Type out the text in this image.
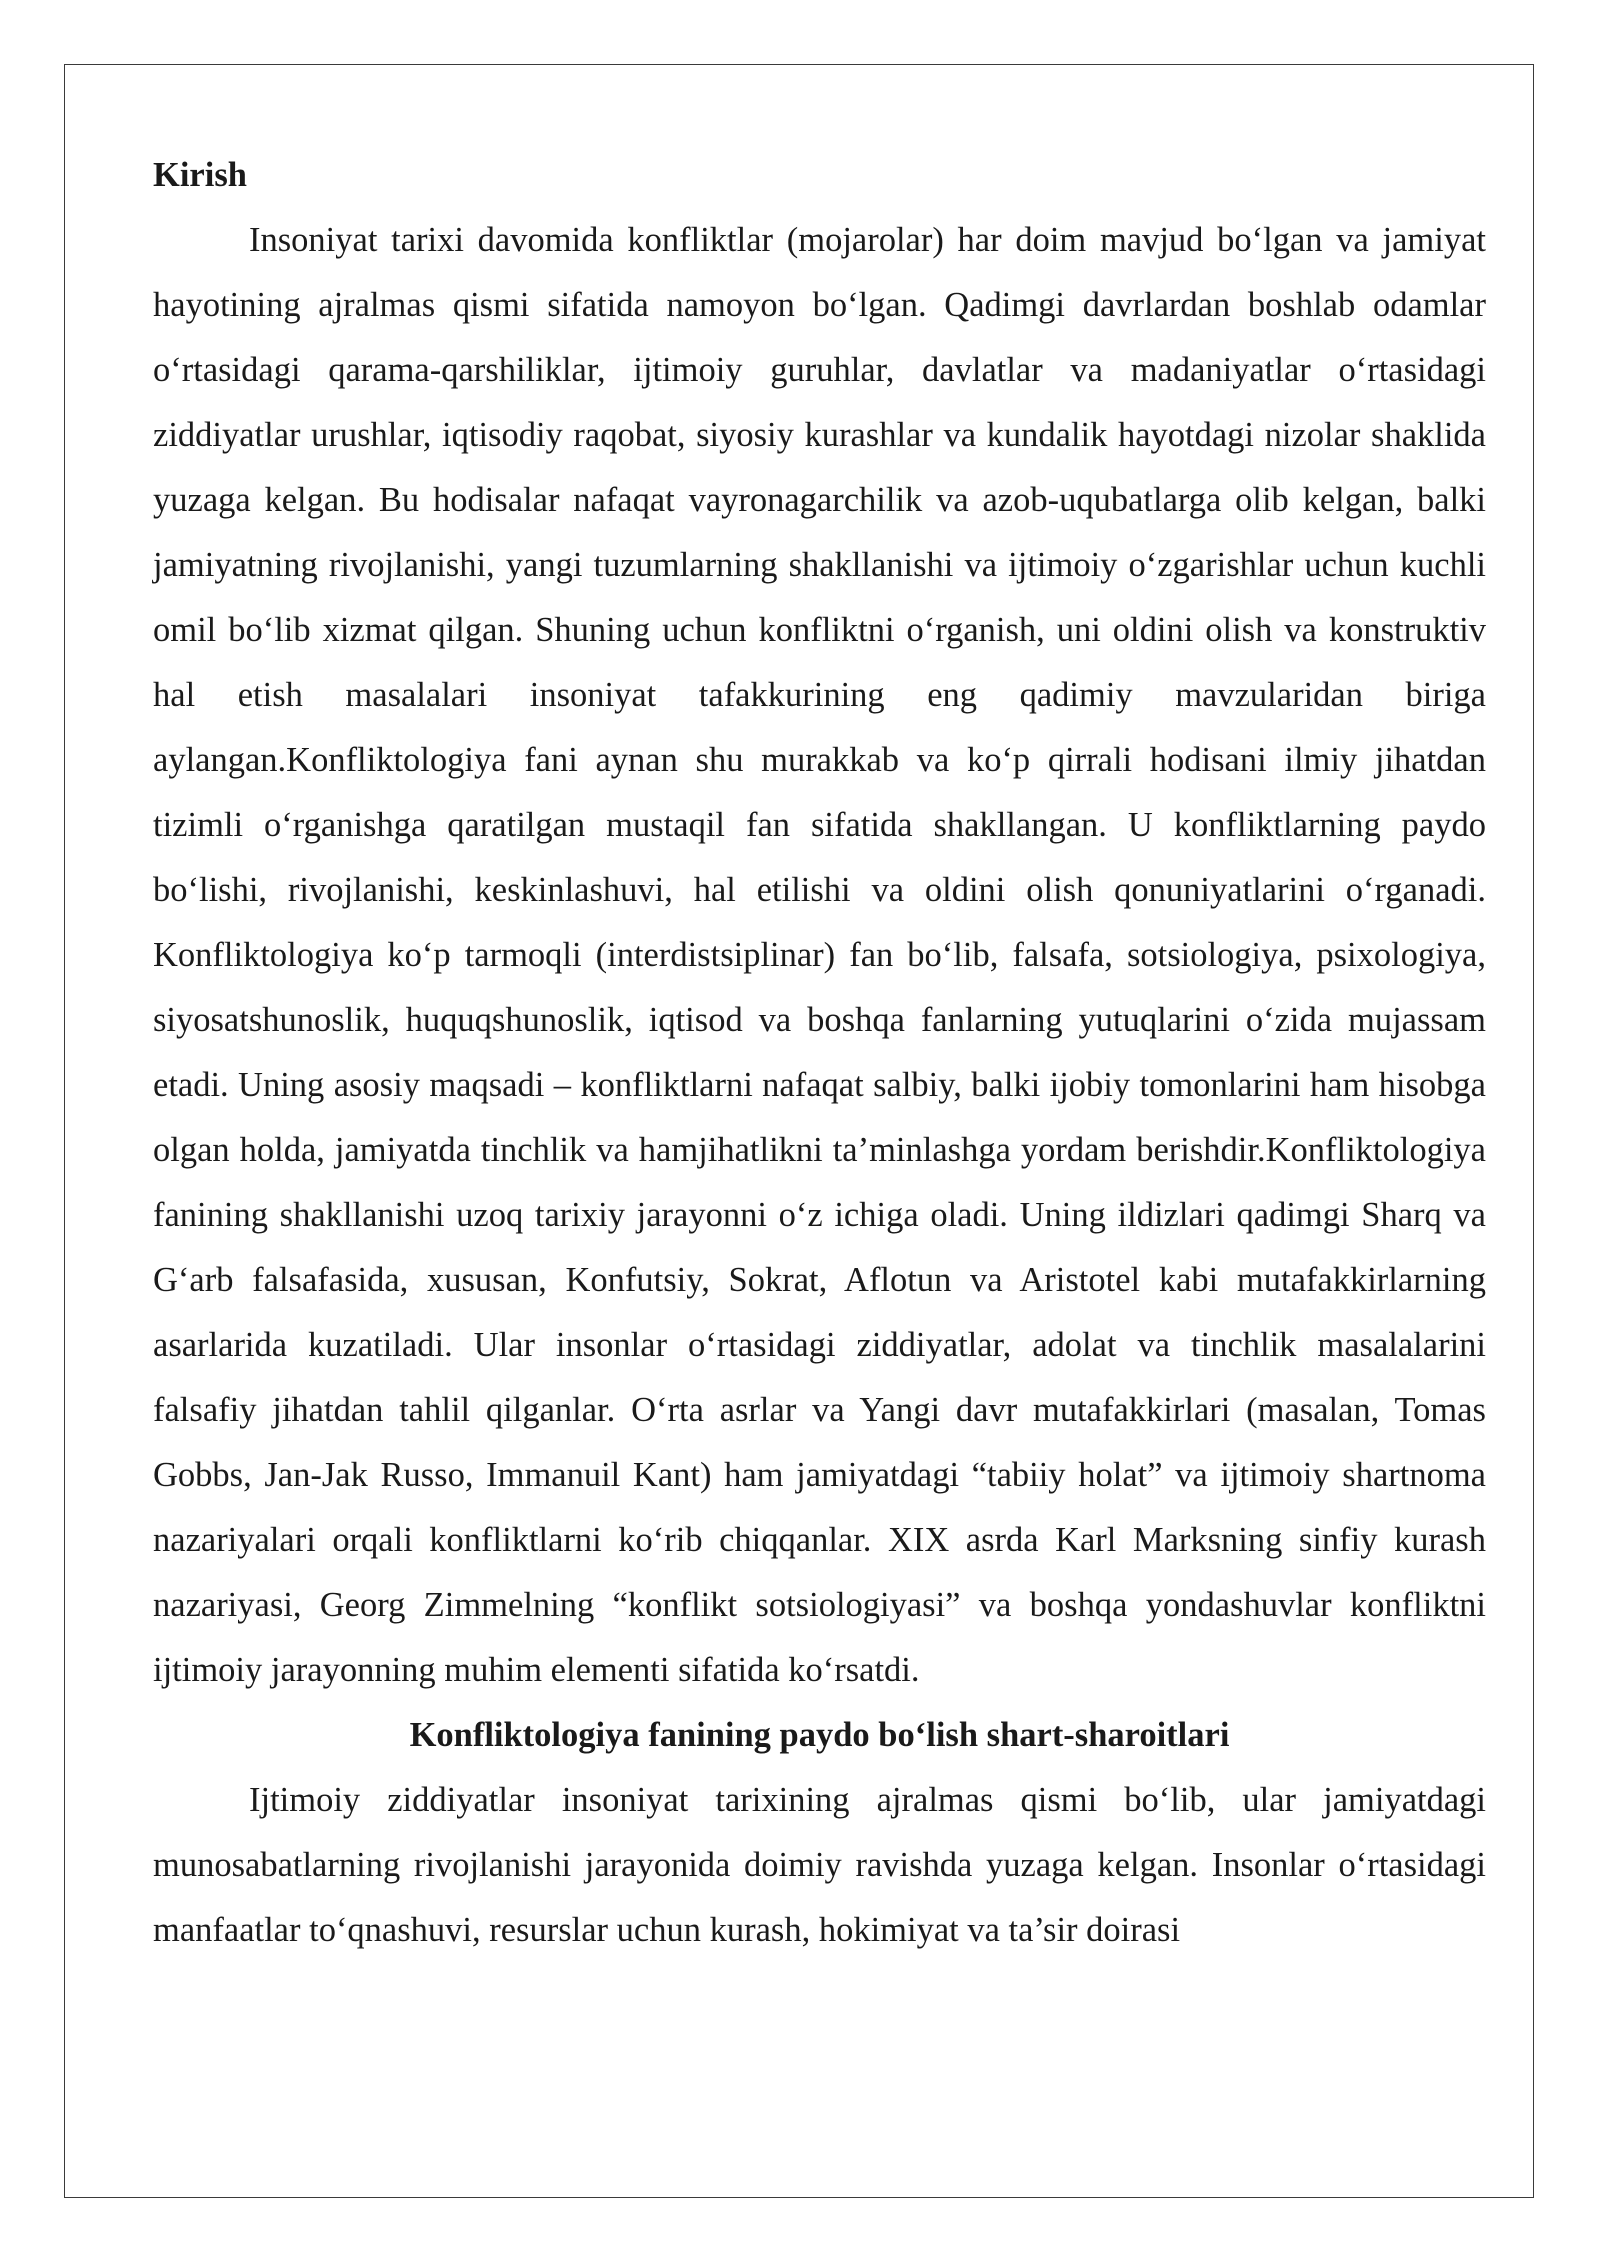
Kirish

Insoniyat tarixi davomida konfliktlar (mojarolar) har doim mavjud bo‘lgan va jamiyat hayotining ajralmas qismi sifatida namoyon bo‘lgan. Qadimgi davrlardan boshlab odamlar o‘rtasidagi qarama-qarshiliklar, ijtimoiy guruhlar, davlatlar va madaniyatlar o‘rtasidagi ziddiyatlar urushlar, iqtisodiy raqobat, siyosiy kurashlar va kundalik hayotdagi nizolar shaklida yuzaga kelgan. Bu hodisalar nafaqat vayronagarchilik va azob-uqubatlarga olib kelgan, balki jamiyatning rivojlanishi, yangi tuzumlarning shakllanishi va ijtimoiy o‘zgarishlar uchun kuchli omil bo‘lib xizmat qilgan. Shuning uchun konfliktni o‘rganish, uni oldini olish va konstruktiv hal etish masalalari insoniyat tafakkurining eng qadimiy mavzularidan biriga aylangan.Konfliktologiya fani aynan shu murakkab va ko‘p qirrali hodisani ilmiy jihatdan tizimli o‘rganishga qaratilgan mustaqil fan sifatida shakllangan. U konfliktlarning paydo bo‘lishi, rivojlanishi, keskinlashuvi, hal etilishi va oldini olish qonuniyatlarini o‘rganadi. Konfliktologiya ko‘p tarmoqli (interdistsiplinar) fan bo‘lib, falsafa, sotsiologiya, psixologiya, siyosatshunoslik, huquqshunoslik, iqtisod va boshqa fanlarning yutuqlarini o‘zida mujassam etadi. Uning asosiy maqsadi – konfliktlarni nafaqat salbiy, balki ijobiy tomonlarini ham hisobga olgan holda, jamiyatda tinchlik va hamjihatlikni ta’minlashga yordam berishdir.Konfliktologiya fanining shakllanishi uzoq tarixiy jarayonni o‘z ichiga oladi. Uning ildizlari qadimgi Sharq va G‘arb falsafasida, xususan, Konfutsiy, Sokrat, Aflotun va Aristotel kabi mutafakkirlarning asarlarida kuzatiladi. Ular insonlar o‘rtasidagi ziddiyatlar, adolat va tinchlik masalalarini falsafiy jihatdan tahlil qilganlar. O‘rta asrlar va Yangi davr mutafakkirlari (masalan, Tomas Gobbs, Jan-Jak Russo, Immanuil Kant) ham jamiyatdagi “tabiiy holat” va ijtimoiy shartnoma nazariyalari orqali konfliktlarni ko‘rib chiqqanlar. XIX asrda Karl Marksning sinfiy kurash nazariyasi, Georg Zimmelning “konflikt sotsiologiyasi” va boshqa yondashuvlar konfliktni ijtimoiy jarayonning muhim elementi sifatida ko‘rsatdi.

Konfliktologiya fanining paydo bo‘lish shart-sharoitlari

Ijtimoiy ziddiyatlar insoniyat tarixining ajralmas qismi bo‘lib, ular jamiyatdagi munosabatlarning rivojlanishi jarayonida doimiy ravishda yuzaga kelgan. Insonlar o‘rtasidagi manfaatlar to‘qnashuvi, resurslar uchun kurash, hokimiyat va ta’sir doirasi
